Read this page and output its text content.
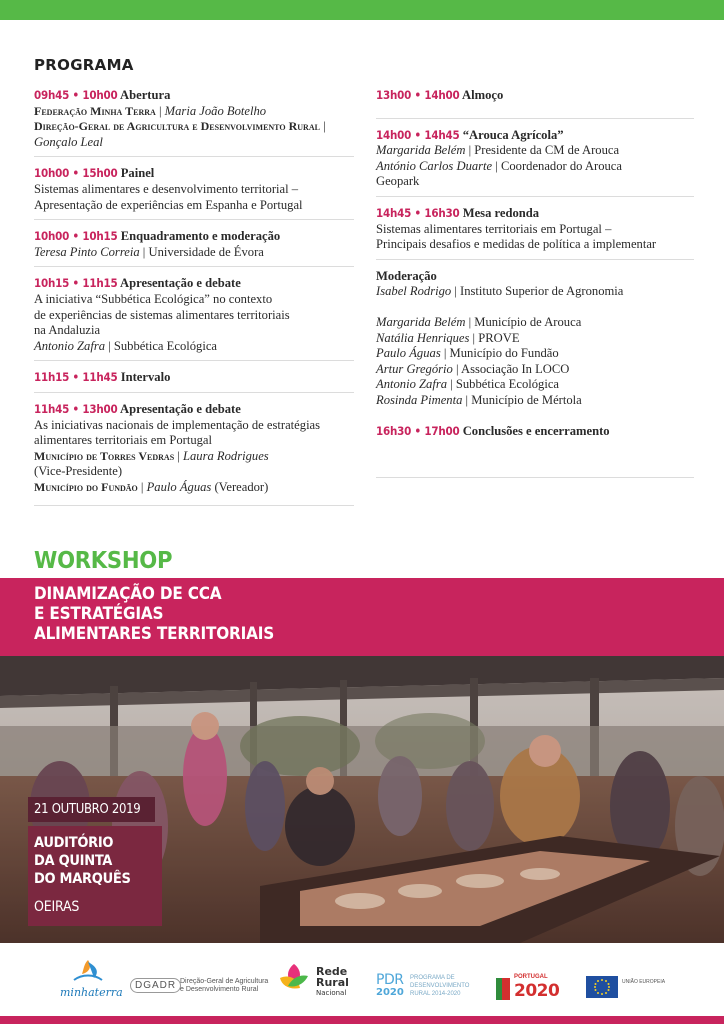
PROGRAMA
09h45 • 10h00 Abertura
Federação Minha Terra | Maria João Botelho
Direção-Geral de Agricultura e Desenvolvimento Rural |
Gonçalo Leal
10h00 • 15h00 Painel
Sistemas alimentares e desenvolvimento territorial –
Apresentação de experiências em Espanha e Portugal
10h00 • 10h15 Enquadramento e moderação
Teresa Pinto Correia | Universidade de Évora
10h15 • 11h15 Apresentação e debate
A iniciativa “Subbética Ecológica” no contexto
de experiências de sistemas alimentares territoriais
na Andaluzia
Antonio Zafra | Subbética Ecológica
11h15 • 11h45 Intervalo
11h45 • 13h00 Apresentação e debate
As iniciativas nacionais de implementação de estratégias
alimentares territoriais em Portugal
Município de Torres Vedras | Laura Rodrigues
(Vice-Presidente)
Município do Fundão | Paulo Águas (Vereador)
13h00 • 14h00 Almoço
14h00 • 14h45 “Arouca Agrícola”
Margarida Belém | Presidente da CM de Arouca
António Carlos Duarte | Coordenador do Arouca
Geopark
14h45 • 16h30 Mesa redonda
Sistemas alimentares territoriais em Portugal –
Principais desafios e medidas de política a implementar
Moderação
Isabel Rodrigo | Instituto Superior de Agronomia
Margarida Belém | Município de Arouca
Natália Henriques | PROVE
Paulo Águas | Município do Fundão
Artur Gregório | Associação In LOCO
Antonio Zafra | Subbética Ecológica
Rosinda Pimenta | Município de Mértola
16h30 • 17h00 Conclusões e encerramento
WORKSHOP
DINAMIZAÇÃO DE CCA
E ESTRATÉGIAS
ALIMENTARES TERRITORIAIS
21 OUTUBRO 2019
AUDITÓRIO
DA QUINTA
DO MARQUÊS
OEIRAS
minhaterra
DGADR Direção-Geral de Agricultura
e Desenvolvimento Rural
Rede
Rural
Nacional
PDR
2020
PROGRAMA DE
DESENVOLVIMENTO
RURAL 2014-2020
PORTUGAL
2020	UNIÃO EUROPEIA
